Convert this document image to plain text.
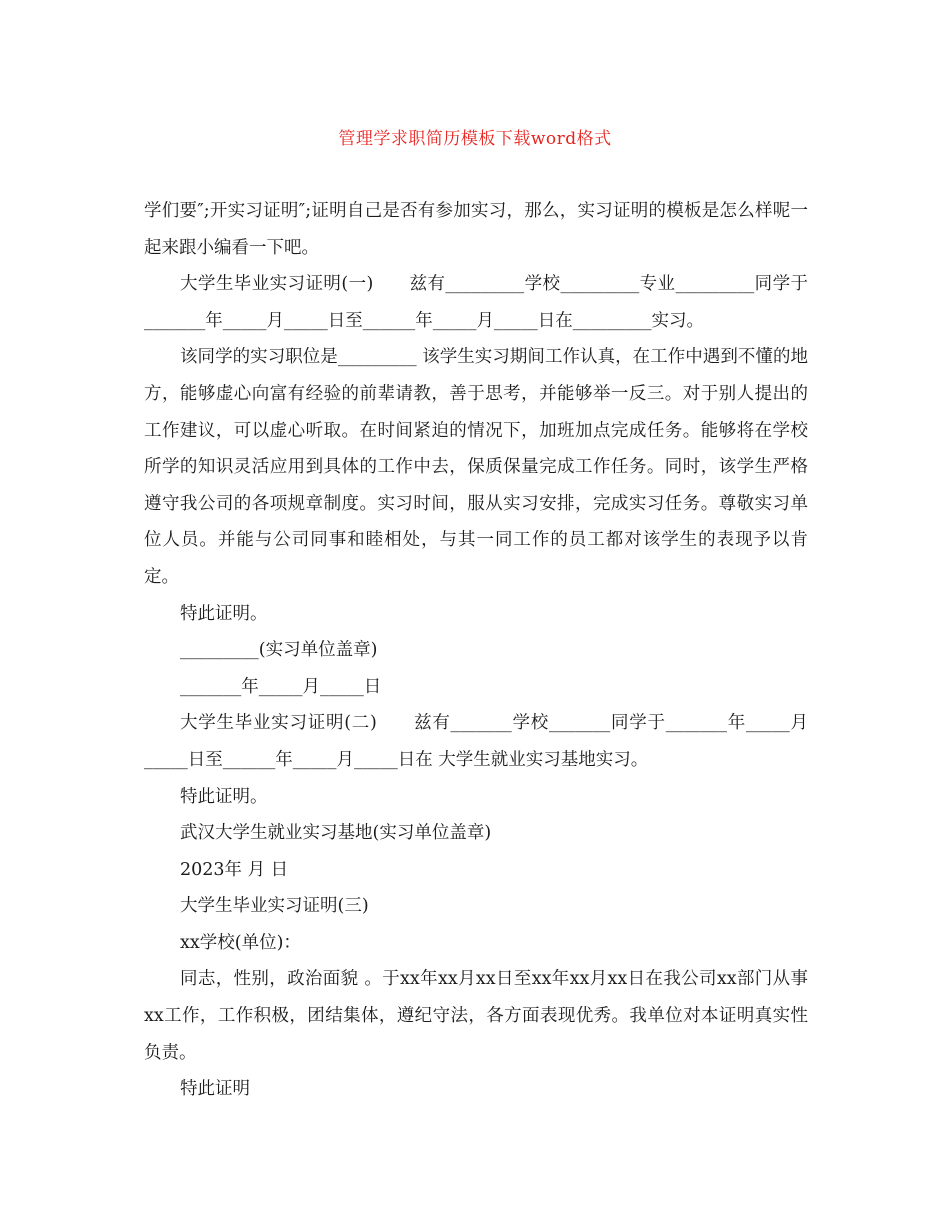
管理学求职简历模板下载word格式

学们要″;开实习证明″;证明自己是否有参加实习，那么，实习证明的模板是怎么样呢一起来跟小编看一下吧。

大学生毕业实习证明(一)　　兹有_________学校_________专业_________同学于_______年_____月_____日至______年_____月_____日在_________实习。

该同学的实习职位是_________ 该学生实习期间工作认真，在工作中遇到不懂的地方，能够虚心向富有经验的前辈请教，善于思考，并能够举一反三。对于别人提出的工作建议，可以虚心听取。在时间紧迫的情况下，加班加点完成任务。能够将在学校所学的知识灵活应用到具体的工作中去，保质保量完成工作任务。同时，该学生严格遵守我公司的各项规章制度。实习时间，服从实习安排，完成实习任务。尊敬实习单位人员。并能与公司同事和睦相处，与其一同工作的员工都对该学生的表现予以肯定。

特此证明。

_________(实习单位盖章)

_______年_____月_____日

大学生毕业实习证明(二)　　兹有_______学校_______同学于_______年_____月_____日至______年_____月_____日在 大学生就业实习基地实习。

特此证明。

武汉大学生就业实习基地(实习单位盖章)

2023年 月 日

大学生毕业实习证明(三)

xx学校(单位)：

同志，性别，政治面貌 。于xx年xx月xx日至xx年xx月xx日在我公司xx部门从事xx工作，工作积极，团结集体，遵纪守法，各方面表现优秀。我单位对本证明真实性负责。

特此证明
